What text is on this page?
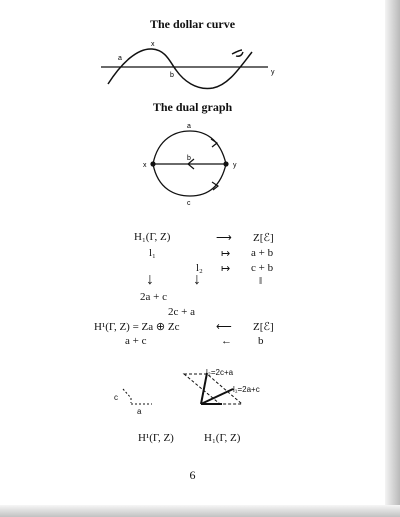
The dollar curve
x
a
b	y
The dual graph
a
b
c
x	y
H₁(Γ, Z)	⟶ Z[ℰ]
l₁	↦ a + b
l₂ ↦ c + b
↓ ↓	‖
2a + c
2c + a
H¹(Γ, Z) = Za ⊕ Zc	⟵ Z[ℰ]
a + c	← b
c
a
l₂=2c+a
l₁=2a+c
H¹(Γ, Z)	H₁(Γ, Z)
6
